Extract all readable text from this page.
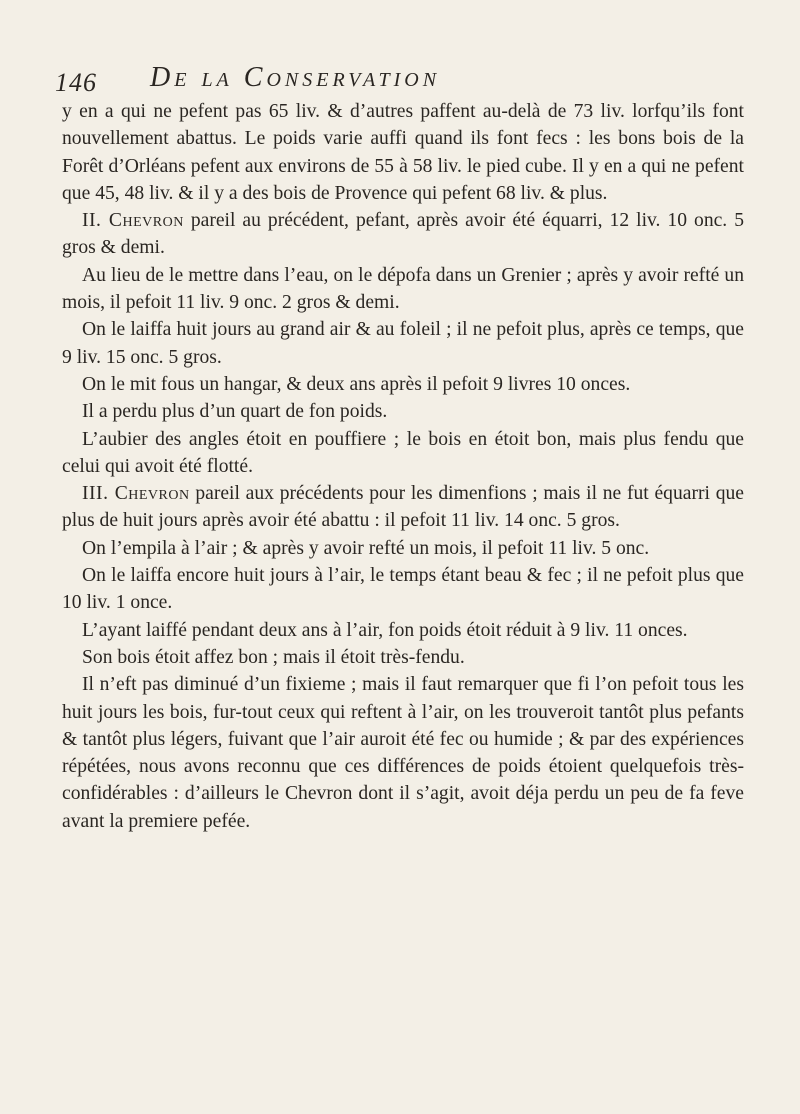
146 De la Conservation

y en a qui ne pefent pas 65 liv. & d’autres paffent au-delà de 73 liv. lorfqu’ils font nouvellement abattus. Le poids varie auffi quand ils font fecs : les bons bois de la Forêt d’Orléans pefent aux environs de 55 à 58 liv. le pied cube. Il y en a qui ne pefent que 45, 48 liv. & il y a des bois de Provence qui pefent 68 liv. & plus.

II. Chevron pareil au précédent, pefant, après avoir été équarri, 12 liv. 10 onc. 5 gros & demi.

Au lieu de le mettre dans l’eau, on le dépofa dans un Grenier ; après y avoir refté un mois, il pefoit 11 liv. 9 onc. 2 gros & demi.

On le laiffa huit jours au grand air & au foleil ; il ne pefoit plus, après ce temps, que 9 liv. 15 onc. 5 gros.

On le mit fous un hangar, & deux ans après il pefoit 9 livres 10 onces.

Il a perdu plus d’un quart de fon poids.

L’aubier des angles étoit en pouffiere ; le bois en étoit bon, mais plus fendu que celui qui avoit été flotté.

III. Chevron pareil aux précédents pour les dimenfions ; mais il ne fut équarri que plus de huit jours après avoir été abattu : il pefoit 11 liv. 14 onc. 5 gros.

On l’empila à l’air ; & après y avoir refté un mois, il pefoit 11 liv. 5 onc.

On le laiffa encore huit jours à l’air, le temps étant beau & fec ; il ne pefoit plus que 10 liv. 1 once.

L’ayant laiffé pendant deux ans à l’air, fon poids étoit réduit à 9 liv. 11 onces.

Son bois étoit affez bon ; mais il étoit très-fendu.

Il n’eft pas diminué d’un fixieme ; mais il faut remarquer que fi l’on pefoit tous les huit jours les bois, fur-tout ceux qui reftent à l’air, on les trouveroit tantôt plus pefants & tantôt plus légers, fuivant que l’air auroit été fec ou humide ; & par des expériences répétées, nous avons reconnu que ces différences de poids étoient quelquefois très-confidérables : d’ailleurs le Chevron dont il s’agit, avoit déja perdu un peu de fa feve avant la premiere pefée.
